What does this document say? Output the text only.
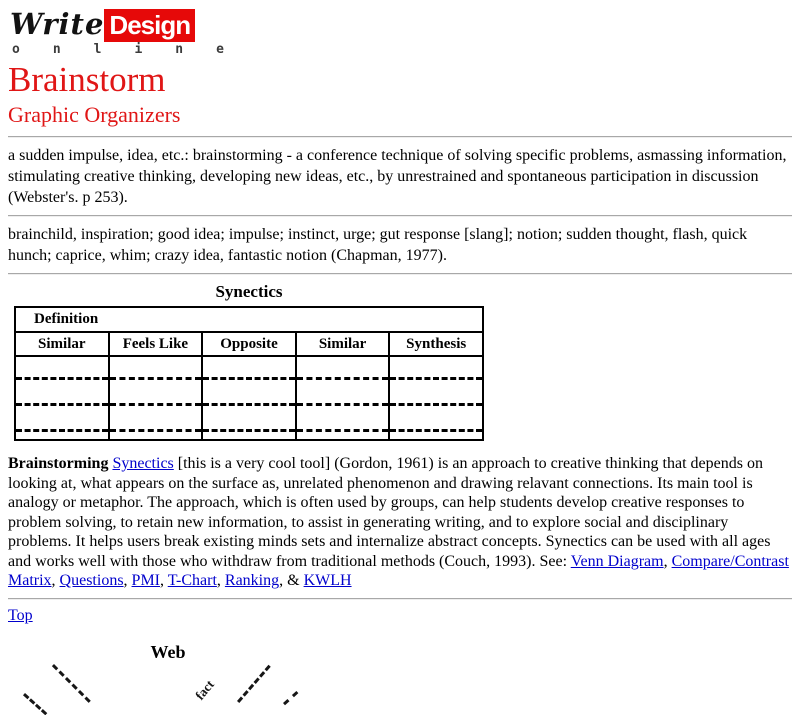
Write Design
online
Brainstorm
Graphic Organizers

a sudden impulse, idea, etc.: brainstorming - a conference technique of solving specific problems, asmassing information, stimulating creative thinking, developing new ideas, etc., by unrestrained and spontaneous participation in discussion (Webster's. p 253).

brainchild, inspiration; good idea; impulse; instinct, urge; gut response [slang]; notion; sudden thought, flash, quick hunch; caprice, whim; crazy idea, fantastic notion (Chapman, 1977).

Synectics
Definition				
Similar	Feels Like	Opposite	Similar	Synthesis

Brainstorming Synectics [this is a very cool tool] (Gordon, 1961) is an approach to creative thinking that depends on looking at, what appears on the surface as, unrelated phenomenon and drawing relavant connections. Its main tool is analogy or metaphor. The approach, which is often used by groups, can help students develop creative responses to problem solving, to retain new information, to assist in generating writing, and to explore social and disciplinary problems. It helps users break existing minds sets and internalize abstract concepts. Synectics can be used with all ages and works well with those who withdraw from traditional methods (Couch, 1993). See: Venn Diagram, Compare/Contrast Matrix, Questions, PMI, T-Chart, Ranking, & KWLH

Top
Web
fact
